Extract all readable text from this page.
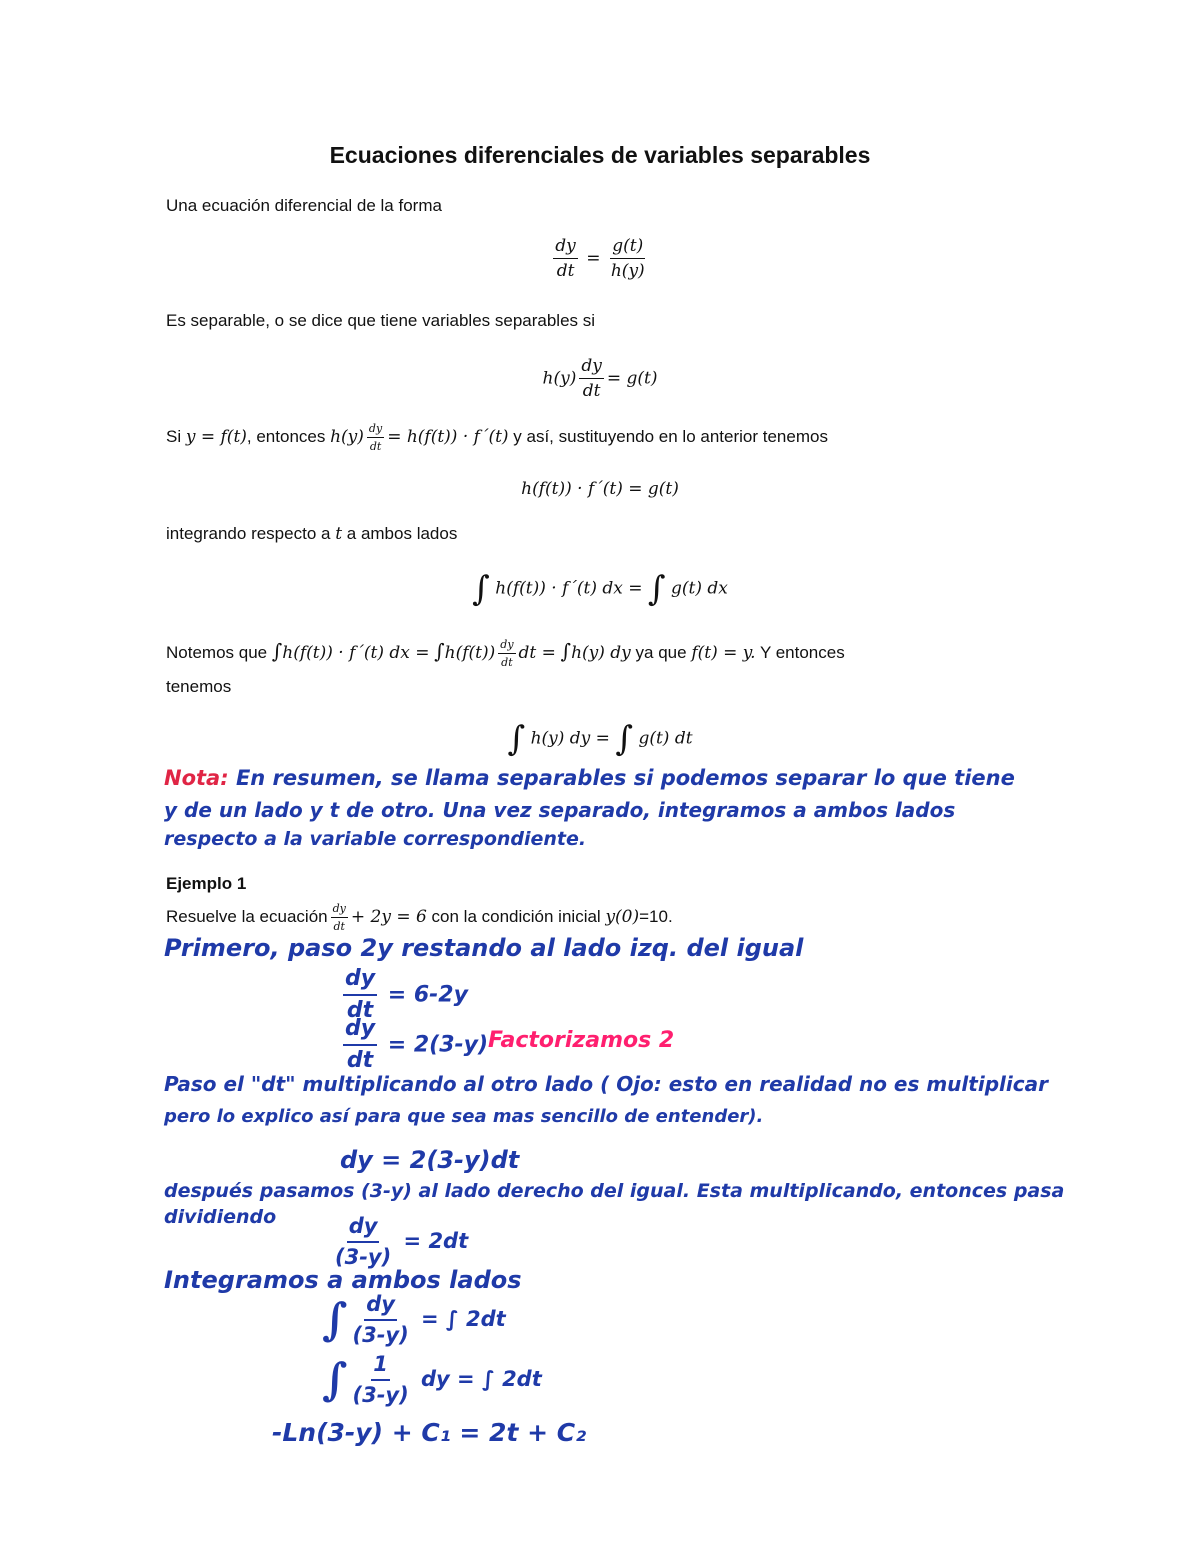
Ecuaciones diferenciales de variables separables
Una ecuación diferencial de la forma
$\frac{dy}{dt} = \frac{g(t)}{h(y)}$
Es separable, o se dice que tiene variables separables si
$h(y) \frac{dy}{dt} = g(t)$
Si y = f(t), entonces $h(y) \frac{dy}{dt} = h(f(t))$ · f´(t) y así, sustituyendo en lo anterior tenemos
h(f(t)) · f´(t) = g(t)
integrando respecto a t a ambos lados
∫ h(f(t)) · f´(t) dx = ∫ g(t) dx
Notemos que ∫h(f(t)) · f´(t) dx = $\int h(f(t)) \frac{dy}{dt}$ dt = ∫h(y) dy ya que f(t) = y. Y entonces
tenemos
∫ h(y) dy = ∫ g(t) dt
Nota: En resumen, se llama separables si podemos separar lo que tiene
y de un lado y t de otro. Una vez separado, integramos a ambos lados
respecto a la variable correspondiente.
Ejemplo 1
Resuelve la ecuación $\frac{dy}{dt} + 2y = 6$ con la condición inicial y(0)=10.
Primero, paso 2y restando al lado izq. del igual
$\frac{dy}{dt} = 6-2y$
$\frac{dy}{dt} = 2(3-y)$ Factorizamos 2
Paso el "dt" multiplicando al otro lado ( Ojo: esto en realidad no es multiplicar
pero lo explico así para que sea mas sencillo de entender).
dy = 2(3-y)dt
después pasamos (3-y) al lado derecho del igual. Esta multiplicando, entonces pasa
dividiendo	$\frac{dy}{(3-y)} = 2dt$
Integramos a ambos lados
∫ $\frac{dy}{(3-y)}$ = ∫ 2dt
∫ $\frac{1}{(3-y)}$ dy = ∫ 2dt
-Ln(3-y) + C₁ = 2t + C₂
